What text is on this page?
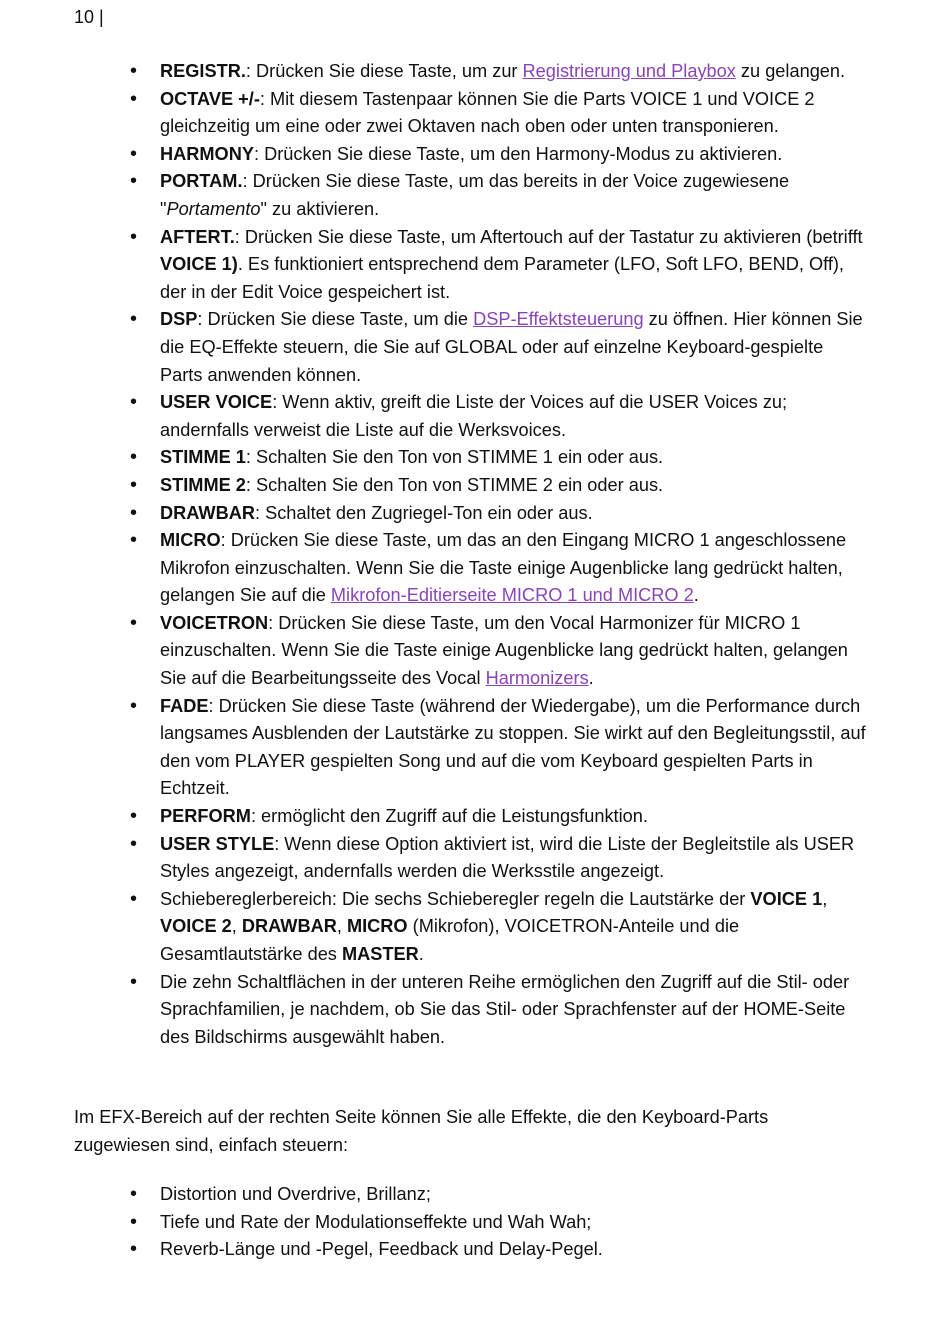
10 |
• REGISTR.: Drücken Sie diese Taste, um zur Registrierung und Playbox zu gelangen.
• OCTAVE +/-: Mit diesem Tastenpaar können Sie die Parts VOICE 1 und VOICE 2 gleichzeitig um eine oder zwei Oktaven nach oben oder unten transponieren.
• HARMONY: Drücken Sie diese Taste, um den Harmony-Modus zu aktivieren.
• PORTAM.: Drücken Sie diese Taste, um das bereits in der Voice zugewiesene "Portamento" zu aktivieren.
• AFTERT.: Drücken Sie diese Taste, um Aftertouch auf der Tastatur zu aktivieren (betrifft VOICE 1). Es funktioniert entsprechend dem Parameter (LFO, Soft LFO, BEND, Off), der in der Edit Voice gespeichert ist.
• DSP: Drücken Sie diese Taste, um die DSP-Effektsteuerung zu öffnen. Hier können Sie die EQ-Effekte steuern, die Sie auf GLOBAL oder auf einzelne Keyboard-gespielte Parts anwenden können.
• USER VOICE: Wenn aktiv, greift die Liste der Voices auf die USER Voices zu; andernfalls verweist die Liste auf die Werksvoices.
• STIMME 1: Schalten Sie den Ton von STIMME 1 ein oder aus.
• STIMME 2: Schalten Sie den Ton von STIMME 2 ein oder aus.
• DRAWBAR: Schaltet den Zugriegel-Ton ein oder aus.
• MICRO: Drücken Sie diese Taste, um das an den Eingang MICRO 1 angeschlossene Mikrofon einzuschalten. Wenn Sie die Taste einige Augenblicke lang gedrückt halten, gelangen Sie auf die Mikrofon-Editierseite MICRO 1 und MICRO 2.
• VOICETRON: Drücken Sie diese Taste, um den Vocal Harmonizer für MICRO 1 einzuschalten. Wenn Sie die Taste einige Augenblicke lang gedrückt halten, gelangen Sie auf die Bearbeitungsseite des Vocal Harmonizers.
• FADE: Drücken Sie diese Taste (während der Wiedergabe), um die Performance durch langsames Ausblenden der Lautstärke zu stoppen. Sie wirkt auf den Begleitungsstil, auf den vom PLAYER gespielten Song und auf die vom Keyboard gespielten Parts in Echtzeit.
• PERFORM: ermöglicht den Zugriff auf die Leistungsfunktion.
• USER STYLE: Wenn diese Option aktiviert ist, wird die Liste der Begleitstile als USER Styles angezeigt, andernfalls werden die Werksstile angezeigt.
• Schiebereglerbereich: Die sechs Schieberegler regeln die Lautstärke der VOICE 1, VOICE 2, DRAWBAR, MICRO (Mikrofon), VOICETRON-Anteile und die Gesamtlautstärke des MASTER.
• Die zehn Schaltflächen in der unteren Reihe ermöglichen den Zugriff auf die Stil- oder Sprachfamilien, je nachdem, ob Sie das Stil- oder Sprachfenster auf der HOME-Seite des Bildschirms ausgewählt haben.

Im EFX-Bereich auf der rechten Seite können Sie alle Effekte, die den Keyboard-Parts zugewiesen sind, einfach steuern:

• Distortion und Overdrive, Brillanz;
• Tiefe und Rate der Modulationseffekte und Wah Wah;
• Reverb-Länge und -Pegel, Feedback und Delay-Pegel.
